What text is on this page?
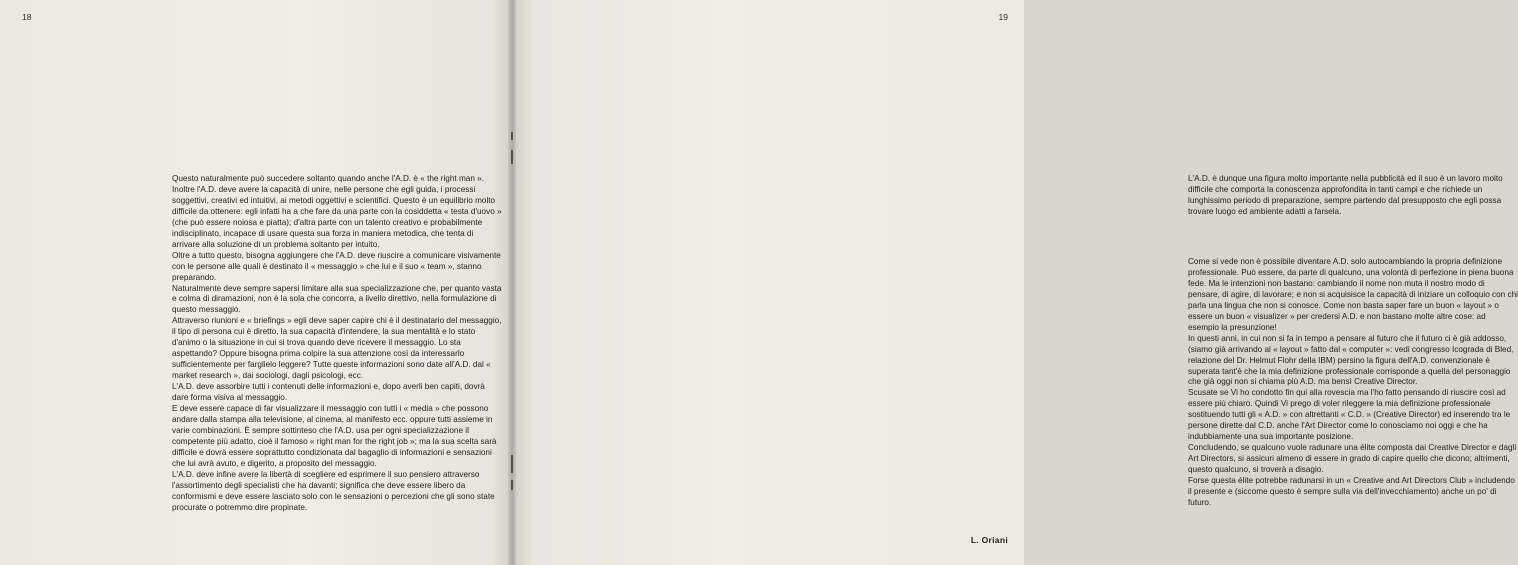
18

Questo naturalmente può succedere soltanto quando anche l'A.D. è « the right man ». Inoltre l'A.D. deve avere la capacità di unire, nelle persone che egli guida, i processi soggettivi, creativi ed intuitivi, ai metodi oggettivi e scientifici. Questo è un equilibrio molto difficile da ottenere: egli infatti ha a che fare da una parte con la cosiddetta « testa d'uovo » (che può essere noiosa e piatta); d'altra parte con un talento creativo e probabilmente indisciplinato, incapace di usare questa sua forza in maniera metodica, che tenta di arrivare alla soluzione di un problema soltanto per intuito.

Oltre a tutto questo, bisogna aggiungere che l'A.D. deve riuscire a comunicare visivamente con le persone alle quali è destinato il « messaggio » che lui e il suo « team », stanno preparando.

Naturalmente deve sempre sapersi limitare alla sua specializzazione che, per quanto vasta e colma di diramazioni, non è la sola che concorra, a livello direttivo, nella formulazione di questo messaggio.

Attraverso riunioni e « briefings » egli deve saper capire chi è il destinatario del messaggio, il tipo di persona cui è diretto, la sua capacità d'intendere, la sua mentalità e lo stato d'animo o la situazione in cui si trova quando deve ricevere il messaggio. Lo sta aspettando? Oppure bisogna prima colpire la sua attenzione così da interessarlo sufficientemente per farglielo leggere? Tutte queste informazioni sono date all'A.D. dal « market research », dai sociologi, dagli psicologi, ecc.

L'A.D. deve assorbire tutti i contenuti delle informazioni e, dopo averli ben capiti, dovrà dare forma visiva al messaggio.

E deve essere capace di far visualizzare il messaggio con tutti i « media » che possono andare dalla stampa alla televisione, al cinema, al manifesto ecc. oppure tutti assieme in varie combinazioni. È sempre sottinteso che l'A.D. usa per ogni specializzazione il competente più adatto, cioè il famoso « right man for the right job »; ma la sua scelta sarà difficile e dovrà essere soprattutto condizionata dal bagaglio di informazioni e sensazioni che lui avrà avuto, e digerito, a proposito del messaggio.

L'A.D. deve infine avere la libertà di scegliere ed esprimere il suo pensiero attraverso l'assortimento degli specialisti che ha davanti; significa che deve essere libero da conformismi e deve essere lasciato solo con le sensazioni o percezioni che gli sono state procurate o potremmo dire propinate.

19

L'A.D. è dunque una figura molto importante nella pubblicità ed il suo è un lavoro molto difficile che comporta la conoscenza approfondita in tanti campi e che richiede un lunghissimo periodo di preparazione, sempre partendo dal presupposto che egli possa trovare luogo ed ambiente adatti a farsela.

Come si vede non è possibile diventare A.D. solo autocambiando la propria definizione professionale. Può essere, da parte di qualcuno, una volontà di perfezione in piena buona fede. Ma le intenzioni non bastano: cambiando il nome non muta il nostro modo di pensare, di agire, di lavorare; e non si acquisisce la capacità di iniziare un colloquio con chi parla una lingua che non si conosce. Come non basta saper fare un buon « layout » o essere un buon « visualizer » per credersi A.D. e non bastano molte altre cose: ad esempio la presunzione!

In questi anni, in cui non si fa in tempo a pensare al futuro che il futuro ci è già addosso, (siamo già arrivando al « layout » fatto dal « computer »: vedi congresso Icograda di Bled, relazione del Dr. Helmut Flohr della IBM) persino la figura dell'A.D. convenzionale è superata tant'è che la mia definizione professionale corrisponde a quella del personaggio che già oggi non si chiama più A.D. ma bensì Creative Director.

Scusate se Vi ho condotto fin qui alla rovescia ma l'ho fatto pensando di riuscire così ad essere più chiaro. Quindi Vi prego di voler rileggere la mia definizione professionale sostituendo tutti gli « A.D. » con altrettanti « C.D. » (Creative Director) ed inserendo tra le persone dirette dal C.D. anche l'Art Director come lo conosciamo noi oggi e che ha indubbiamente una sua importante posizione.

Concludendo, se qualcuno vuole radunare una élite composta dai Creative Director e dagli Art Directors, si assicuri almeno di essere in grado di capire quello che dicono; altrimenti, questo qualcuno, si troverà a disagio.

Forse questa élite potrebbe radunarsi in un « Creative and Art Directors Club » includendo il presente e (siccome questo è sempre sulla via dell'invecchiamento) anche un po' di futuro.

L. Oriani
